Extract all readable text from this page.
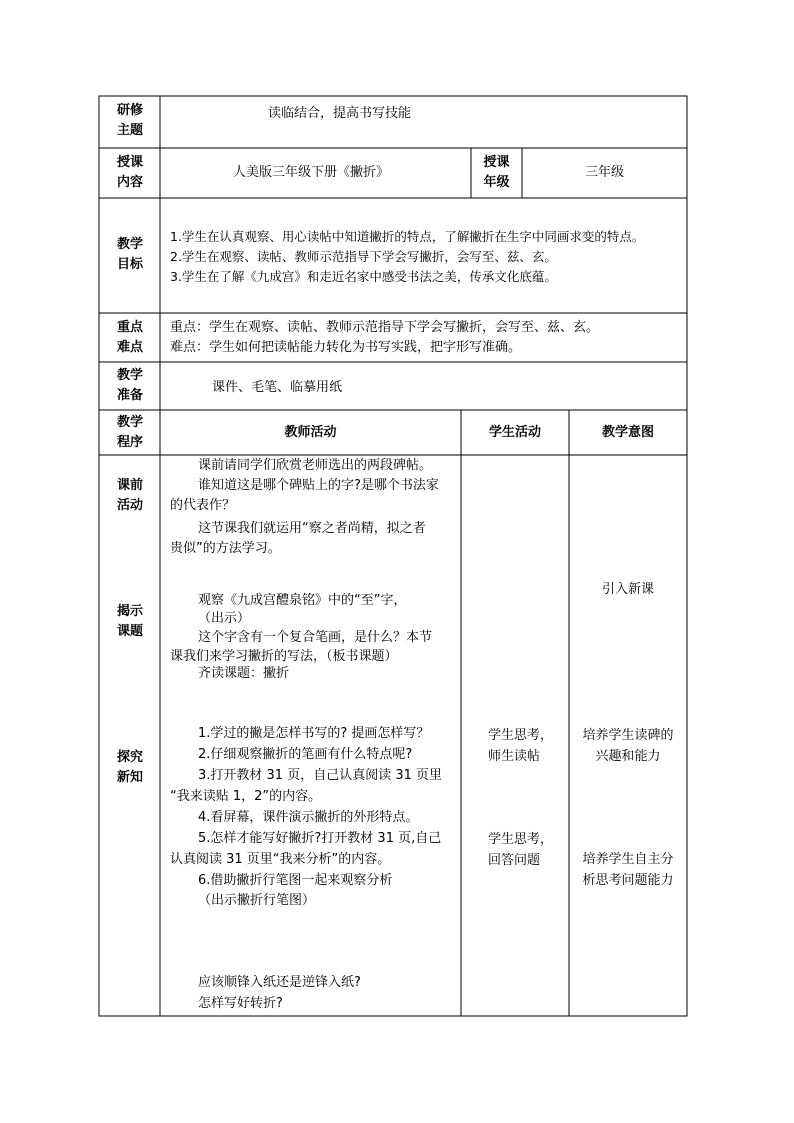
研修
主题
读临结合，提高书写技能
授课
内容
人美版三年级下册《撇折》
授课
年级
三年级
教学
目标
1.学生在认真观察、用心读帖中知道撇折的特点，了解撇折在生字中同画求变的特点。
2.学生在观察、读帖、教师示范指导下学会写撇折，会写至、兹、玄。
3.学生在了解《九成宫》和走近名家中感受书法之美，传承文化底蕴。
重点
难点
重点：学生在观察、读帖、教师示范指导下学会写撇折，会写至、兹、玄。
难点：学生如何把读帖能力转化为书写实践，把字形写准确。
教学
准备
课件、毛笔、临摹用纸
教学
程序
教师活动	学生活动	教学意图
课前
活动
揭示
课题
探究
新知
课前请同学们欣赏老师选出的两段碑帖。
谁知道这是哪个碑贴上的字?是哪个书法家
的代表作？
这节课我们就运用“察之者尚精，拟之者
贵似”的方法学习。
观察《九成宫醴泉铭》中的“至”字，
（出示）
这个字含有一个复合笔画，是什么？本节
课我们来学习撇折的写法，（板书课题）
齐读课题：撇折
1.学过的撇是怎样书写的? 提画怎样写？
2.仔细观察撇折的笔画有什么特点呢?
3.打开教材 31 页，自己认真阅读 31 页里
“我来读贴 1，2”的内容。
4.看屏幕，课件演示撇折的外形特点。
5.怎样才能写好撇折?打开教材 31 页,自己
认真阅读 31 页里“我来分析”的内容。
6.借助撇折行笔图一起来观察分析
（出示撇折行笔图）
应该顺锋入纸还是逆锋入纸?
怎样写好转折?
学生思考，
师生读帖
学生思考，
回答问题
引入新课
培养学生读碑的
兴趣和能力
培养学生自主分
析思考问题能力
